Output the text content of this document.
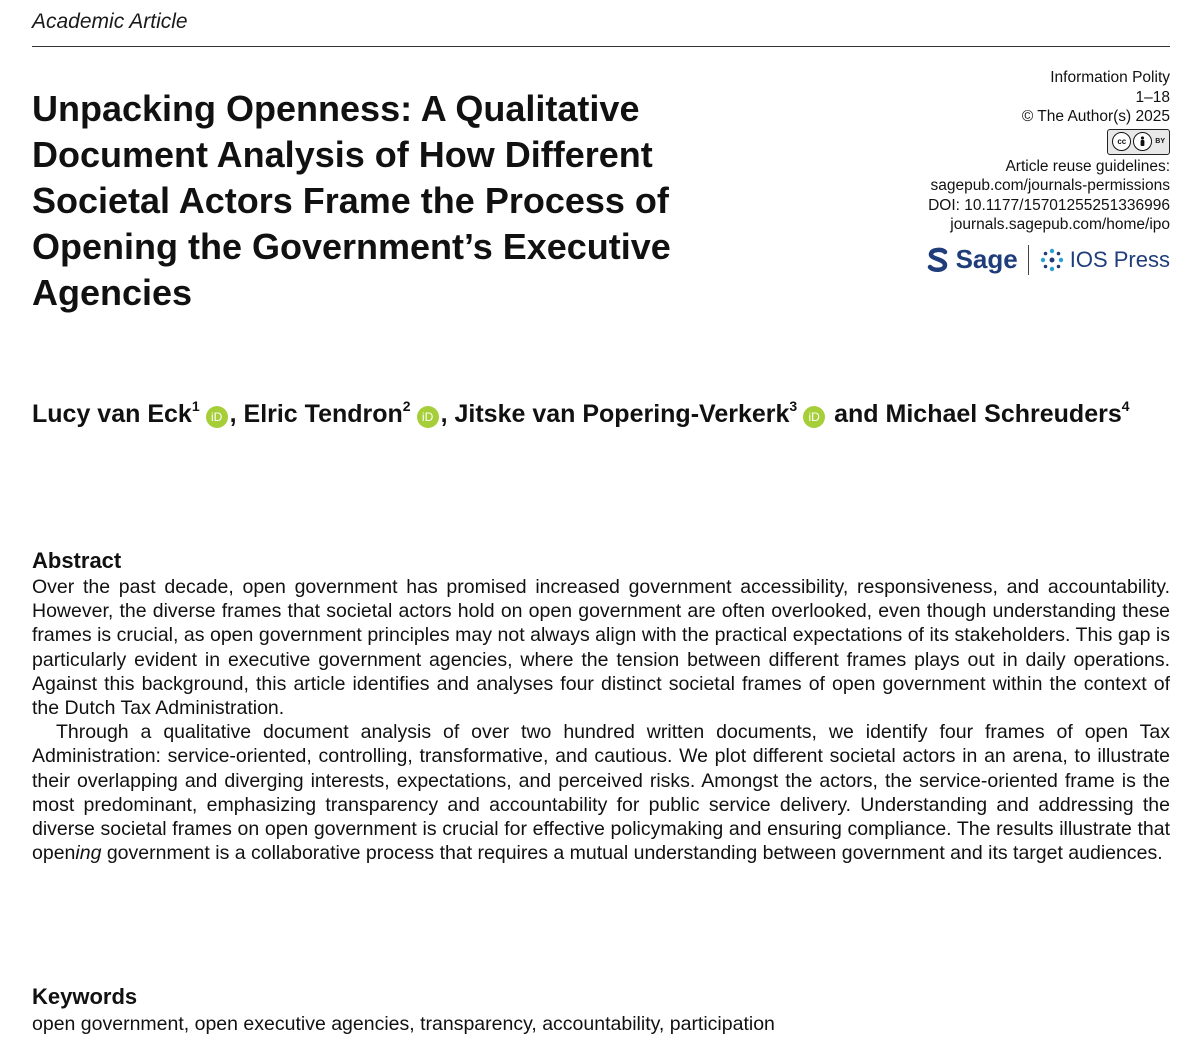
Academic Article
Unpacking Openness: A Qualitative Document Analysis of How Different Societal Actors Frame the Process of Opening the Government’s Executive Agencies
Information Polity
1–18
© The Author(s) 2025
cc	BY
Article reuse guidelines:
sagepub.com/journals-permissions
DOI: 10.1177/15701255251336996
journals.sagepub.com/home/ipo
Sage IOS Press
Lucy van Eck$^1$iD , Elric Tendron$^2$iD , Jitske van Popering-Verkerk$^3$iD and Michael Schreuders$^4$
Abstract

Over the past decade, open government has promised increased government accessibility, responsiveness, and accountability. However, the diverse frames that societal actors hold on open government are often overlooked, even though understanding these frames is crucial, as open government principles may not always align with the practical expectations of its stakeholders. This gap is particularly evident in executive government agencies, where the tension between different frames plays out in daily operations. Against this background, this article identifies and analyses four distinct societal frames of open government within the context of the Dutch Tax Administration.

Through a qualitative document analysis of over two hundred written documents, we identify four frames of open Tax Administration: service-oriented, controlling, transformative, and cautious. We plot different societal actors in an arena, to illustrate their overlapping and diverging interests, expectations, and perceived risks. Amongst the actors, the service-oriented frame is the most predominant, emphasizing transparency and accountability for public service delivery. Understanding and addressing the diverse societal frames on open government is crucial for effective policymaking and ensuring compliance. The results illustrate that opening government is a collaborative process that requires a mutual understanding between government and its target audiences.

Keywords
open government, open executive agencies, transparency, accountability, participation
